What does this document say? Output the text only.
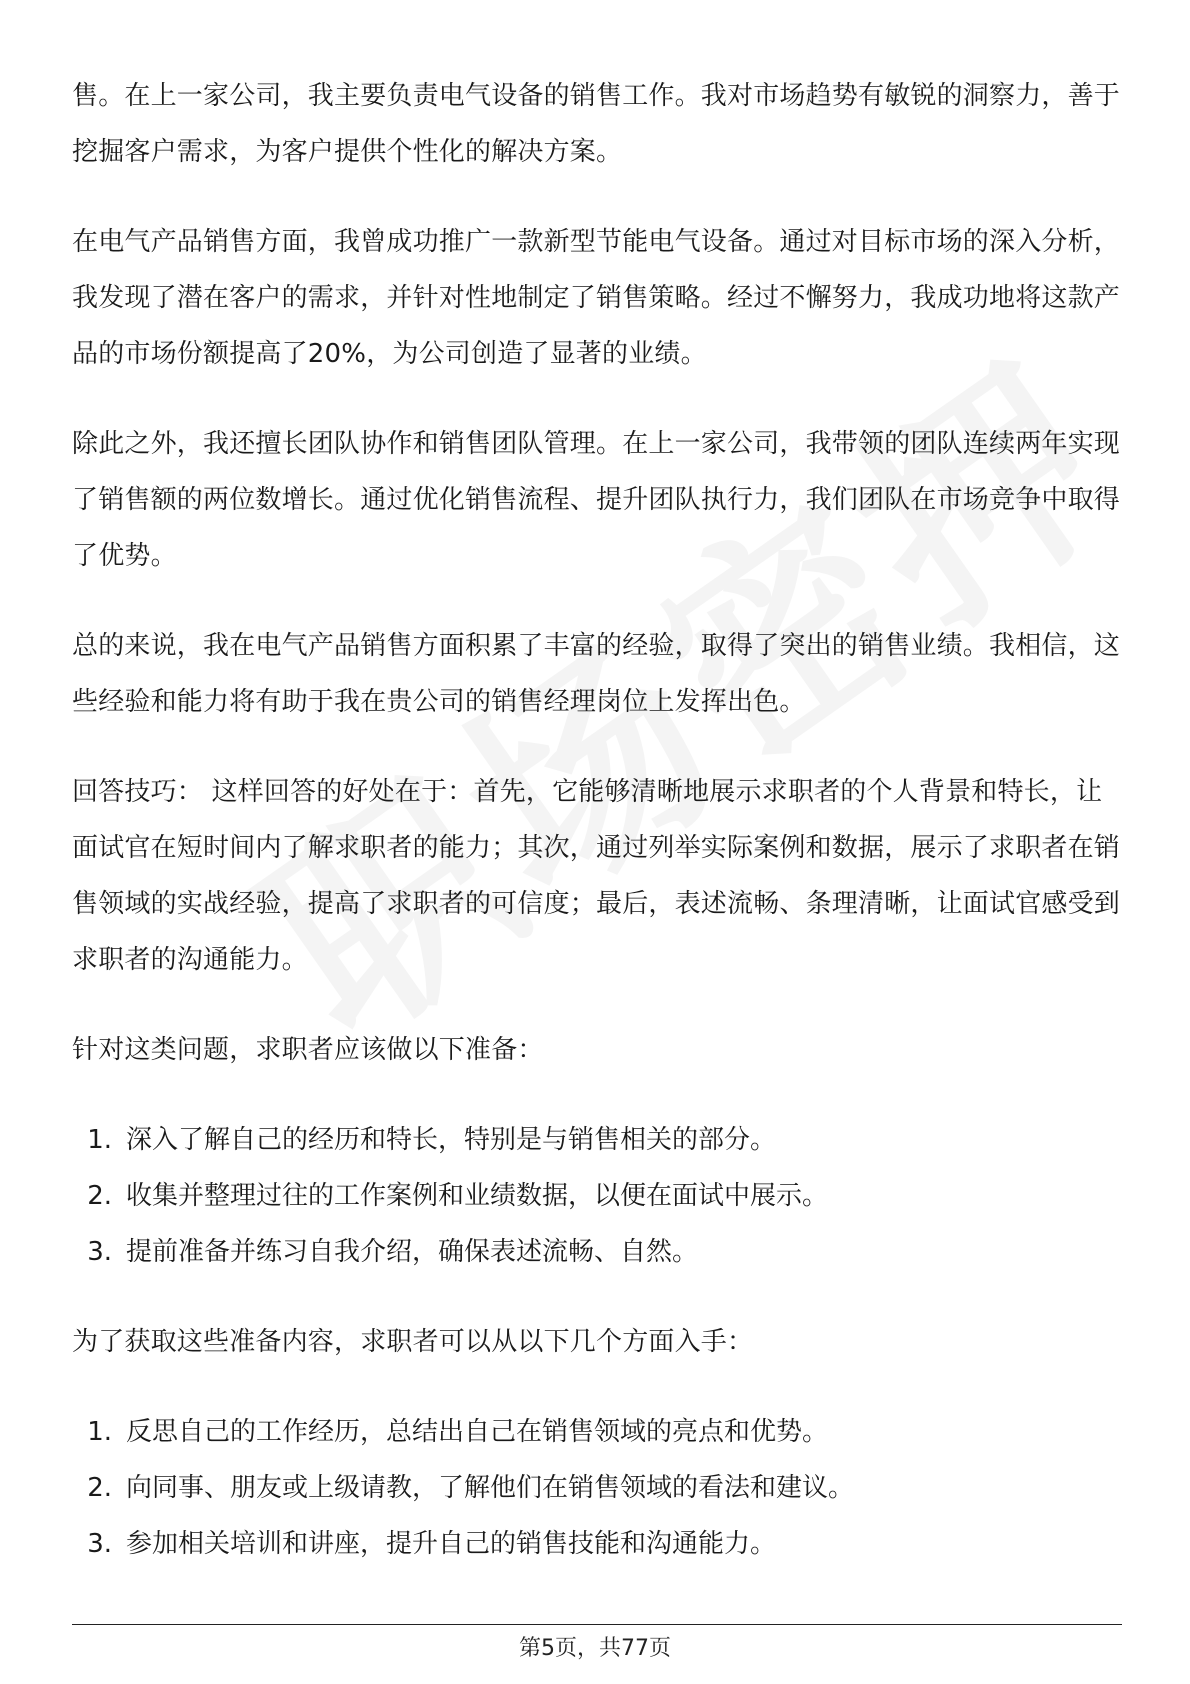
售。在上一家公司，我主要负责电气设备的销售工作。我对市场趋势有敏锐的洞察力，善于挖掘客户需求，为客户提供个性化的解决方案。

在电气产品销售方面，我曾成功推广一款新型节能电气设备。通过对目标市场的深入分析，我发现了潜在客户的需求，并针对性地制定了销售策略。经过不懈努力，我成功地将这款产品的市场份额提高了20%，为公司创造了显著的业绩。

除此之外，我还擅长团队协作和销售团队管理。在上一家公司，我带领的团队连续两年实现了销售额的两位数增长。通过优化销售流程、提升团队执行力，我们团队在市场竞争中取得了优势。

总的来说，我在电气产品销售方面积累了丰富的经验，取得了突出的销售业绩。我相信，这些经验和能力将有助于我在贵公司的销售经理岗位上发挥出色。

回答技巧： 这样回答的好处在于：首先，它能够清晰地展示求职者的个人背景和特长，让面试官在短时间内了解求职者的能力；其次，通过列举实际案例和数据，展示了求职者在销售领域的实战经验，提高了求职者的可信度；最后，表述流畅、条理清晰，让面试官感受到求职者的沟通能力。

针对这类问题，求职者应该做以下准备：

1. 深入了解自己的经历和特长，特别是与销售相关的部分。
2. 收集并整理过往的工作案例和业绩数据，以便在面试中展示。
3. 提前准备并练习自我介绍，确保表述流畅、自然。

为了获取这些准备内容，求职者可以从以下几个方面入手：

1. 反思自己的工作经历，总结出自己在销售领域的亮点和优势。
2. 向同事、朋友或上级请教，了解他们在销售领域的看法和建议。
3. 参加相关培训和讲座，提升自己的销售技能和沟通能力。
第5页，共77页
